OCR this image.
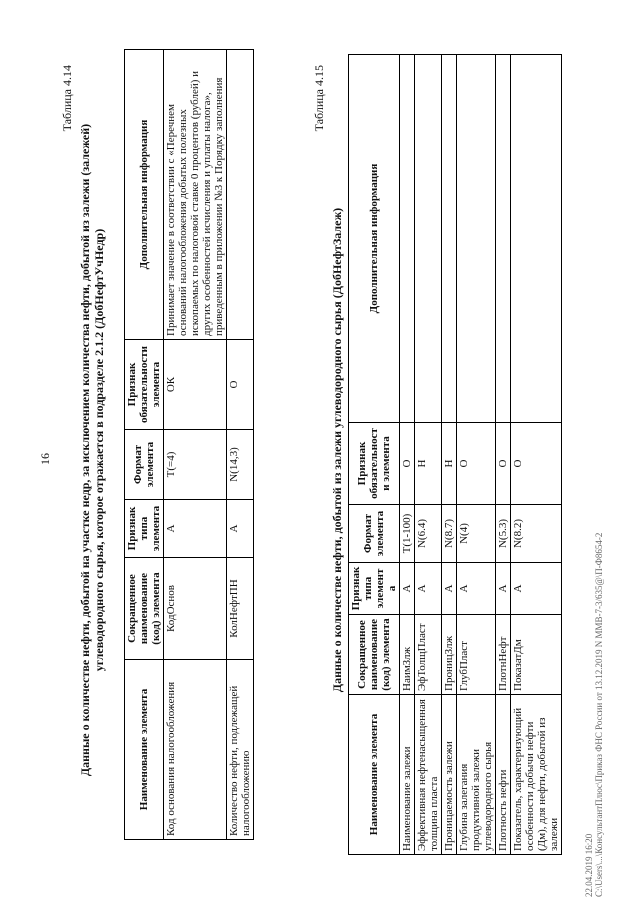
16
Таблица 4.14
Данные о количестве нефти, добытой на участке недр, за исключением количества нефти, добытой из залежи (залежей) углеводородного сырья, которое отражается в подразделе 2.1.2 (ДобНефтУчНедр)
Наименование элемента	Сокращенное наименование (код) элемента	Признак типа элемента	Формат элемента	Признак обязательности элемента	Дополнительная информация
Код основания налогообложения	КодОснов	А	Т(=4)	ОК	Принимает значение в соответствии с «Перечнем оснований налогообложения добытых полезных ископаемых по налоговой ставке 0 процентов (рублей) и других особенностей исчисления и уплаты налога», приведенным в приложении №3 к Порядку заполнения
Количество нефти, подлежащей налогообложению	КолНефтПН	А	N(14,3)	О	
Таблица 4.15
Данные о количестве нефти, добытой из залежи углеводородного сырья (ДобНефтЗалеж)
Наименование элемента	Сокращенное наименование (код) элемента	Признак типа элемента	Формат элемента	Признак обязательности элемента	Дополнительная информация
Наименование залежи	НаимЗлж	А	Т(1-100)	О	
Эффективная нефтенасыщенная толщина пласта	ЭфТолщПласт	А	N(6.4)	Н	
Проницаемость залежи	ПроницЗлж	А	N(8.7)	Н	
Глубина залегания продуктивной залежи углеводородного сырья	ГлубПласт	А	N(4)	О	
Плотность нефти	ПлотнНефт	А	N(5.3)	О	
Показатель, характеризующий особенности добычи нефти (Дм), для нефти, добытой из залежи	ПоказатДм	А	N(8.2)	О	
22.04.2019 16:20 С:\Users\...\КонсультантПлюс\Приказ ФНС России от 13.12.2019 N ММВ-7-3/635@\П-Ф8654-2
